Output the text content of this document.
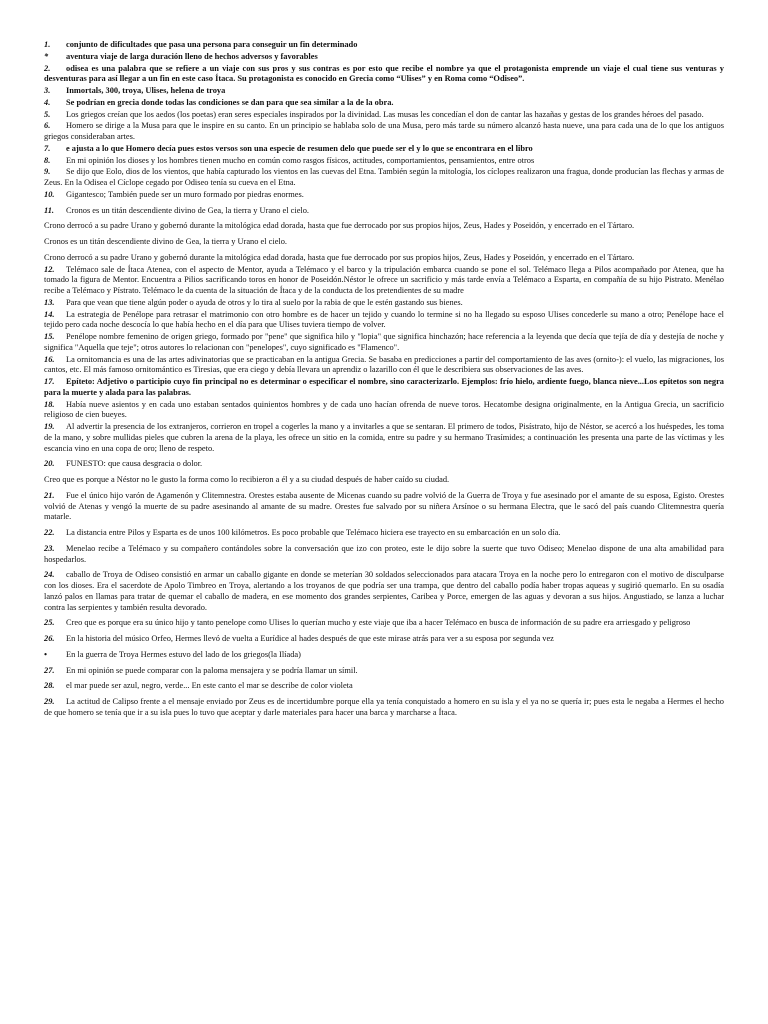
1. conjunto de dificultades que pasa una persona para conseguir un fin determinado

* aventura viaje de larga duración lleno de hechos adversos y favorables

2. odisea es una palabra que se refiere a un viaje con sus pros y sus contras es por esto que recibe el nombre ya que el protagonista emprende un viaje el cual tiene sus venturas y desventuras para así llegar a un fin en este caso Ítaca. Su protagonista es conocido en Grecia como “Ulises” y en Roma como “Odiseo”.

3. Inmortals, 300, troya, Ulises, helena de troya

4. Se podrían en grecia donde todas las condiciones se dan para que sea similar a la de la obra.

5. Los griegos creían que los aedos (los poetas) eran seres especiales inspirados por la divinidad. Las musas les concedían el don de cantar las hazañas y gestas de los grandes héroes del pasado.

6. Homero se dirige a la Musa para que le inspire en su canto. En un principio se hablaba solo de una Musa, pero más tarde su número alcanzó hasta nueve, una para cada una de lo que los antiguos griegos consideraban artes.

7. e ajusta a lo que Homero decía pues estos versos son una especie de resumen delo que puede ser el y lo que se encontrara en el libro

8. En mi opinión los dioses y los hombres tienen mucho en común como rasgos físicos, actitudes, comportamientos, pensamientos, entre otros

9. Se dijo que Eolo, dios de los vientos, que había capturado los vientos en las cuevas del Etna. También según la mitología, los cíclopes realizaron una fragua, donde producían las flechas y armas de Zeus. En la Odisea el Cíclope cegado por Odiseo tenía su cueva en el Etna.

10. Gigantesco; También puede ser un muro formado por piedras enormes.

11. Cronos es un titán descendiente divino de Gea, la tierra y Urano el cielo.

Crono derrocó a su padre Urano y gobernó durante la mitológica edad dorada, hasta que fue derrocado por sus propios hijos, Zeus, Hades y Poseidón, y encerrado en el Tártaro.

Cronos es un titán descendiente divino de Gea, la tierra y Urano el cielo.

Crono derrocó a su padre Urano y gobernó durante la mitológica edad dorada, hasta que fue derrocado por sus propios hijos, Zeus, Hades y Poseidón, y encerrado en el Tártaro.

12. Telémaco sale de Ítaca Atenea, con el aspecto de Mentor, ayuda a Telémaco y el barco y la tripulación embarca cuando se pone el sol. Telémaco llega a Pilos acompañado por Atenea, que ha tomado la figura de Mentor. Encuentra a Pilios sacrificando toros en honor de Poseidón.Néstor le ofrece un sacrificio y más tarde envía a Telémaco a Esparta, en compañía de su hijo Pistrato. Menélao recibe a Telémaco y Pístrato. Telémaco le da cuenta de la situación de Ítaca y de la conducta de los pretendientes de su madre

13. Para que vean que tiene algún poder o ayuda de otros y lo tira al suelo por la rabia de que le estén gastando sus bienes.

14. La estrategia de Penélope para retrasar el matrimonio con otro hombre es de hacer un tejido y cuando lo termine si no ha llegado su esposo Ulises concederle su mano a otro; Penélope hace el tejido pero cada noche descocía lo que había hecho en el día para que Ulises tuviera tiempo de volver.

15. Penélope nombre femenino de origen griego, formado por "pene" que significa hilo y "lopia" que significa hinchazón; hace referencia a la leyenda que decía que tejía de día y destejía de noche y significa "Aquella que teje"; otros autores lo relacionan con "penelopes", cuyo significado es "Flamenco".

16. La ornitomancia es una de las artes adivinatorias que se practicaban en la antigua Grecia. Se basaba en predicciones a partir del comportamiento de las aves (ornito-): el vuelo, las migraciones, los cantos, etc. El más famoso ornitomántico es Tiresias, que era ciego y debía llevara un aprendiz o lazarillo con él que le describiera sus observaciones de las aves.

17. Epíteto: Adjetivo o participio cuyo fin principal no es determinar o especificar el nombre, sino caracterizarlo. Ejemplos: frío hielo, ardiente fuego, blanca nieve...Los epítetos son negra para la muerte y alada para las palabras.

18. Había nueve asientos y en cada uno estaban sentados quinientos hombres y de cada uno hacían ofrenda de nueve toros. Hecatombe designa originalmente, en la Antigua Grecia, un sacrificio religioso de cien bueyes.

19. Al advertir la presencia de los extranjeros, corrieron en tropel a cogerles la mano y a invitarles a que se sentaran. El primero de todos, Pisístrato, hijo de Néstor, se acercó a los huéspedes, les toma de la mano, y sobre mullidas pieles que cubren la arena de la playa, les ofrece un sitio en la comida, entre su padre y su hermano Trasímides; a continuación les presenta una parte de las víctimas y les escancia vino en una copa de oro; lleno de respeto.

20. FUNESTO: que causa desgracia o dolor.

Creo que es porque a Néstor no le gusto la forma como lo recibieron a él y a su ciudad después de haber caído su ciudad.

21. Fue el único hijo varón de Agamenón y Clitemnestra. Orestes estaba ausente de Micenas cuando su padre volvió de la Guerra de Troya y fue asesinado por el amante de su esposa, Egisto. Orestes volvió de Atenas y vengó la muerte de su padre asesinando al amante de su madre. Orestes fue salvado por su niñera Arsínoe o su hermana Electra, que le sacó del país cuando Clitemnestra quería matarle.

22. La distancia entre Pilos y Esparta es de unos 100 kilómetros. Es poco probable que Telémaco hiciera ese trayecto en su embarcación en un solo día.

23. Menelao recibe a Telémaco y su compañero contándoles sobre la conversación que izo con proteo, este le dijo sobre la suerte que tuvo Odiseo; Menelao dispone de una alta amabilidad para hospedarlos.

24. caballo de Troya de Odiseo consistió en armar un caballo gigante en donde se meterían 30 soldados seleccionados para atacara Troya en la noche pero lo entregaron con el motivo de disculparse con los dioses. Era el sacerdote de Apolo Timbreo en Troya, alertando a los troyanos de que podría ser una trampa, que dentro del caballo podía haber tropas aqueas y sugirió quemarlo. En su osadía lanzó palos en llamas para tratar de quemar el caballo de madera, en ese momento dos grandes serpientes, Caribea y Porce, emergen de las aguas y devoran a sus hijos. Angustiado, se lanza a luchar contra las serpientes y también resulta devorado.

25. Creo que es porque era su único hijo y tanto penelope como Ulises lo querían mucho y este viaje que iba a hacer Telémaco en busca de información de su padre era arriesgado y peligroso

26. En la historia del músico Orfeo, Hermes llevó de vuelta a Eurídice al hades después de que este mirase atrás para ver a su esposa por segunda vez

• En la guerra de Troya Hermes estuvo del lado de los griegos(la Ilíada)

27. En mi opinión se puede comparar con la paloma mensajera y se podría llamar un símil.

28. el mar puede ser azul, negro, verde... En este canto el mar se describe de color violeta

29. La actitud de Calipso frente a el mensaje enviado por Zeus es de incertidumbre porque ella ya tenía conquistado a homero en su isla y el ya no se quería ir; pues esta le negaba a Hermes el hecho de que homero se tenía que ir a su isla pues lo tuvo que aceptar y darle materiales para hacer una barca y marcharse a Ítaca.
